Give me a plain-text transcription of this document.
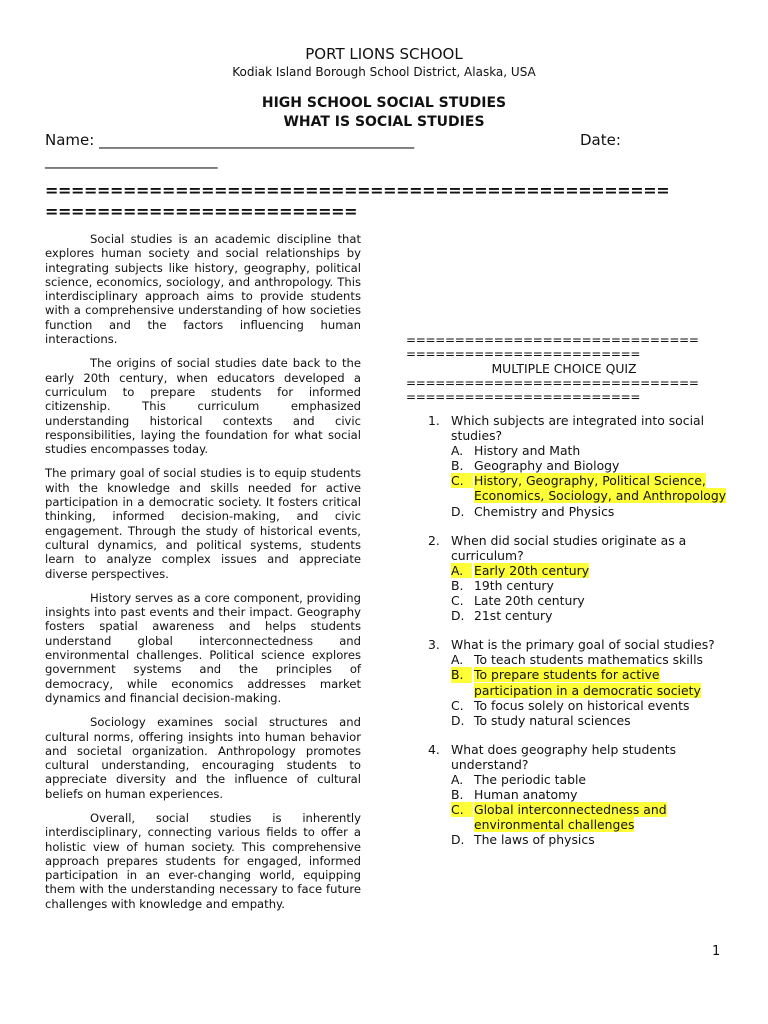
PORT LIONS SCHOOL
Kodiak Island Borough School District, Alaska, USA
HIGH SCHOOL SOCIAL STUDIES
WHAT IS SOCIAL STUDIES
Name: __________________________________________	Date:
_______________________
================================================
========================

Social studies is an academic discipline that explores human society and social relationships by integrating subjects like history, geography, political science, economics, sociology, and anthropology. This interdisciplinary approach aims to provide students with a comprehensive understanding of how societies function and the factors influencing human interactions.

The origins of social studies date back to the early 20th century, when educators developed a curriculum to prepare students for informed citizenship. This curriculum emphasized understanding historical contexts and civic responsibilities, laying the foundation for what social studies encompasses today.

The primary goal of social studies is to equip students with the knowledge and skills needed for active participation in a democratic society. It fosters critical thinking, informed decision-making, and civic engagement. Through the study of historical events, cultural dynamics, and political systems, students learn to analyze complex issues and appreciate diverse perspectives.

History serves as a core component, providing insights into past events and their impact. Geography fosters spatial awareness and helps students understand global interconnectedness and environmental challenges. Political science explores government systems and the principles of democracy, while economics addresses market dynamics and financial decision-making.

Sociology examines social structures and cultural norms, offering insights into human behavior and societal organization. Anthropology promotes cultural understanding, encouraging students to appreciate diversity and the influence of cultural beliefs on human experiences.

Overall, social studies is inherently interdisciplinary, connecting various fields to offer a holistic view of human society. This comprehensive approach prepares students for engaged, informed participation in an ever-changing world, equipping them with the understanding necessary to face future challenges with knowledge and empathy.

==============================
========================
MULTIPLE CHOICE QUIZ
==============================
========================
1. Which subjects are integrated into social studies?
A. History and Math
B. Geography and Biology
C. History, Geography, Political Science, Economics, Sociology, and Anthropology
D. Chemistry and Physics
2. When did social studies originate as a curriculum?
A. Early 20th century
B. 19th century
C. Late 20th century
D. 21st century
3. What is the primary goal of social studies?
A. To teach students mathematics skills
B. To prepare students for active participation in a democratic society
C. To focus solely on historical events
D. To study natural sciences
4. What does geography help students understand?
A. The periodic table
B. Human anatomy
C. Global interconnectedness and environmental challenges
D. The laws of physics
1
